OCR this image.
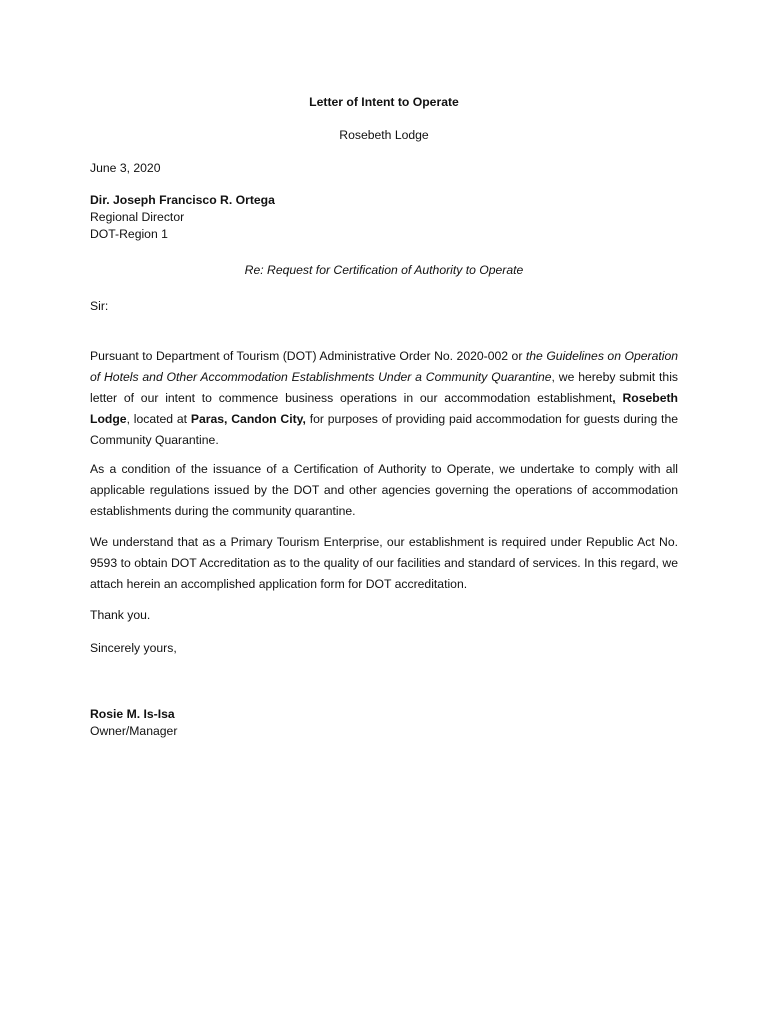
Letter of Intent to Operate

Rosebeth Lodge

June 3, 2020

Dir. Joseph Francisco R. Ortega
Regional Director
DOT-Region 1

Re: Request for Certification of Authority to Operate

Sir:

Pursuant to Department of Tourism (DOT) Administrative Order No. 2020-002 or the Guidelines on Operation of Hotels and Other Accommodation Establishments Under a Community Quarantine, we hereby submit this letter of our intent to commence business operations in our accommodation establishment, Rosebeth Lodge, located at Paras, Candon City, for purposes of providing paid accommodation for guests during the Community Quarantine.

As a condition of the issuance of a Certification of Authority to Operate, we undertake to comply with all applicable regulations issued by the DOT and other agencies governing the operations of accommodation establishments during the community quarantine.

We understand that as a Primary Tourism Enterprise, our establishment is required under Republic Act No. 9593 to obtain DOT Accreditation as to the quality of our facilities and standard of services. In this regard, we attach herein an accomplished application form for DOT accreditation.

Thank you.

Sincerely yours,

Rosie M. Is-Isa
Owner/Manager
